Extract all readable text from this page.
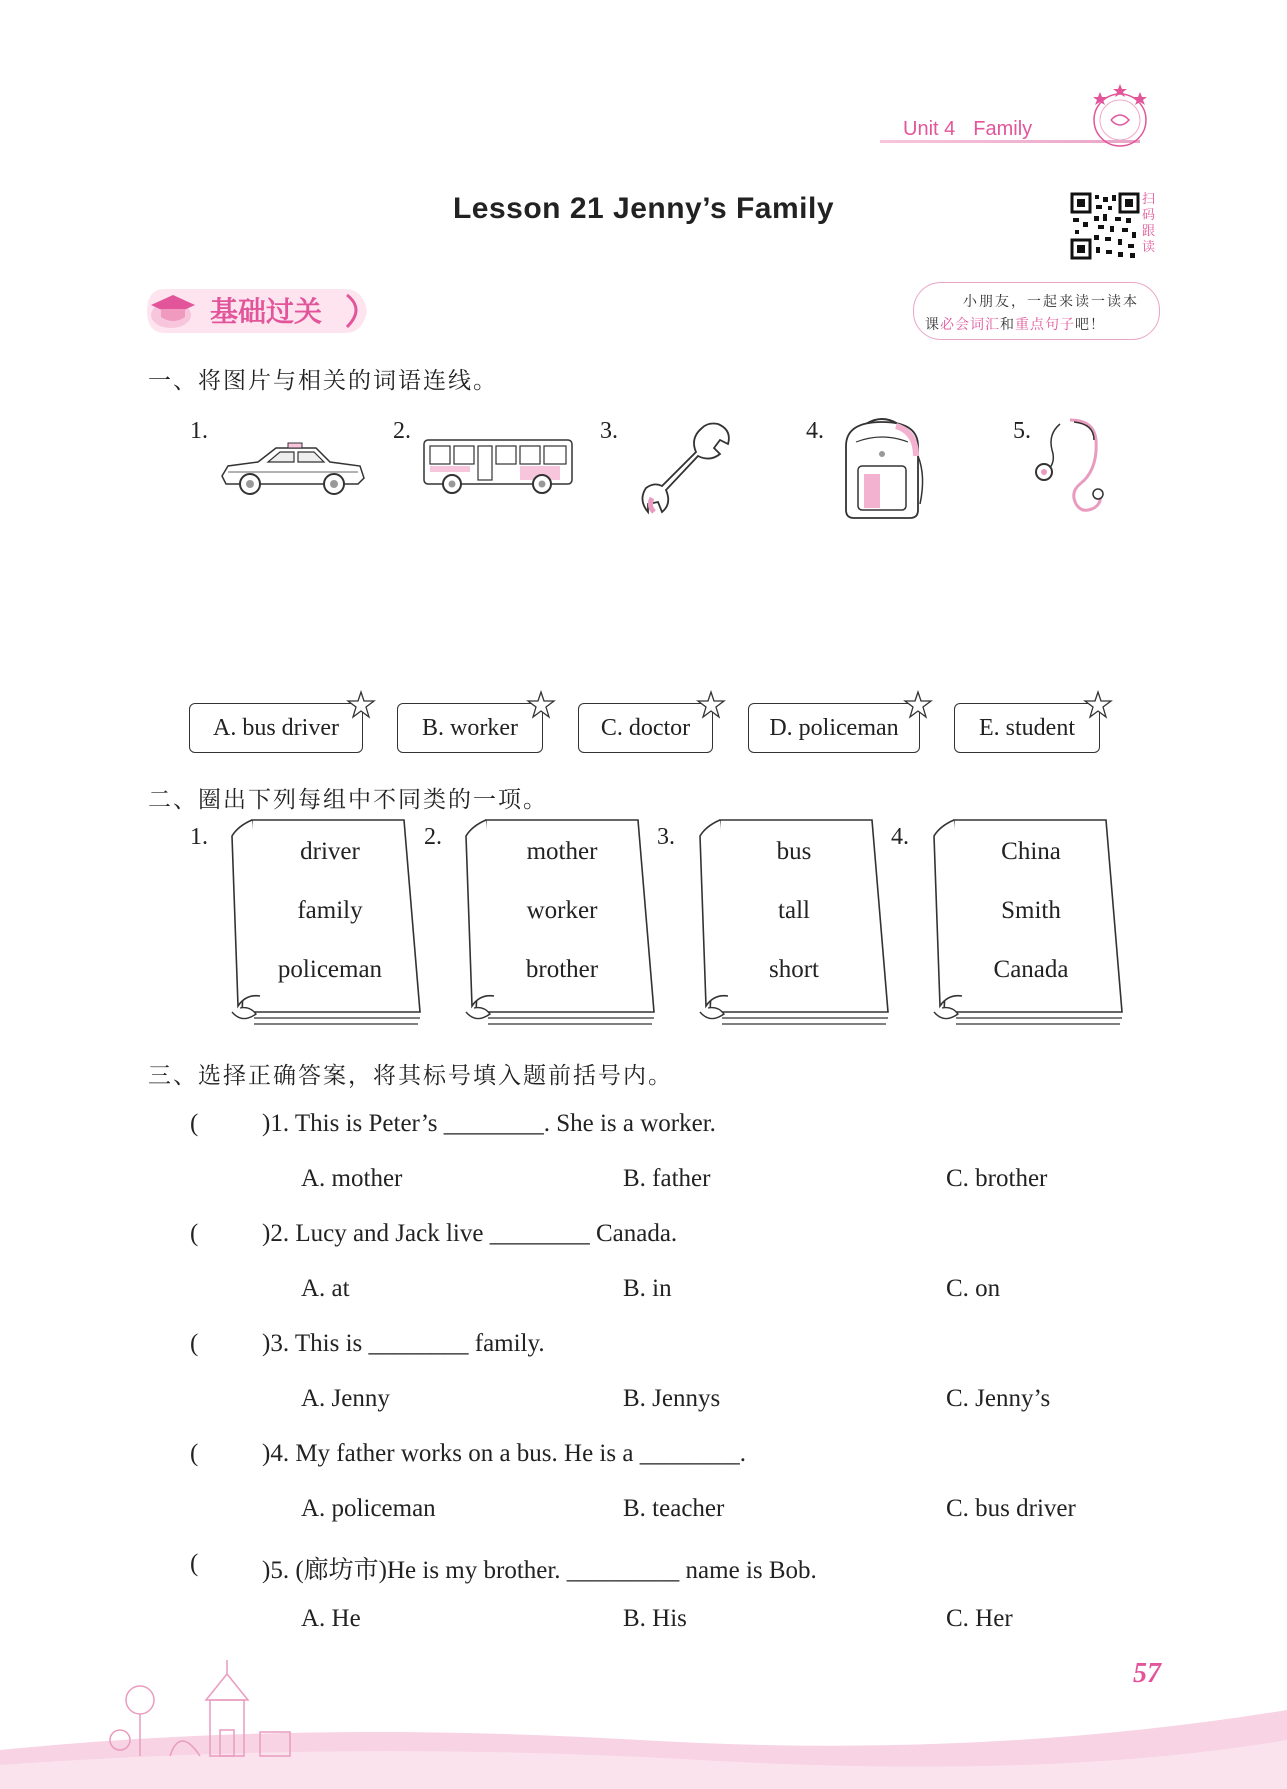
Unit 4 Family
Lesson 21 Jenny’s Family	扫
码
跟
读
基础过关	小朋友，一起来读一读本
课必会词汇和重点句子吧！
一、将图片与相关的词语连线。
1.	2.	3.	4.	5.
A. bus driver	B. worker	C. doctor	D. policeman	E. student
二、圈出下列每组中不同类的一项。
1.
driver
family
policeman
2.
mother
worker
brother
3.
bus
tall
short
4.
China
Smith
Canada
三、选择正确答案，将其标号填入题前括号内。
(	)1. This is Peter’s ________. She is a worker.
A. mother	B. father	C. brother
(	)2. Lucy and Jack live ________ Canada.
A. at	B. in	C. on
(	)3. This is ________ family.
A. Jenny	B. Jennys	C. Jenny’s
(	)4. My father works on a bus. He is a ________.
A. policeman	B. teacher	C. bus driver
(	)5. (廊坊市)He is my brother. _________ name is Bob.
A. He	B. His	C. Her
57
